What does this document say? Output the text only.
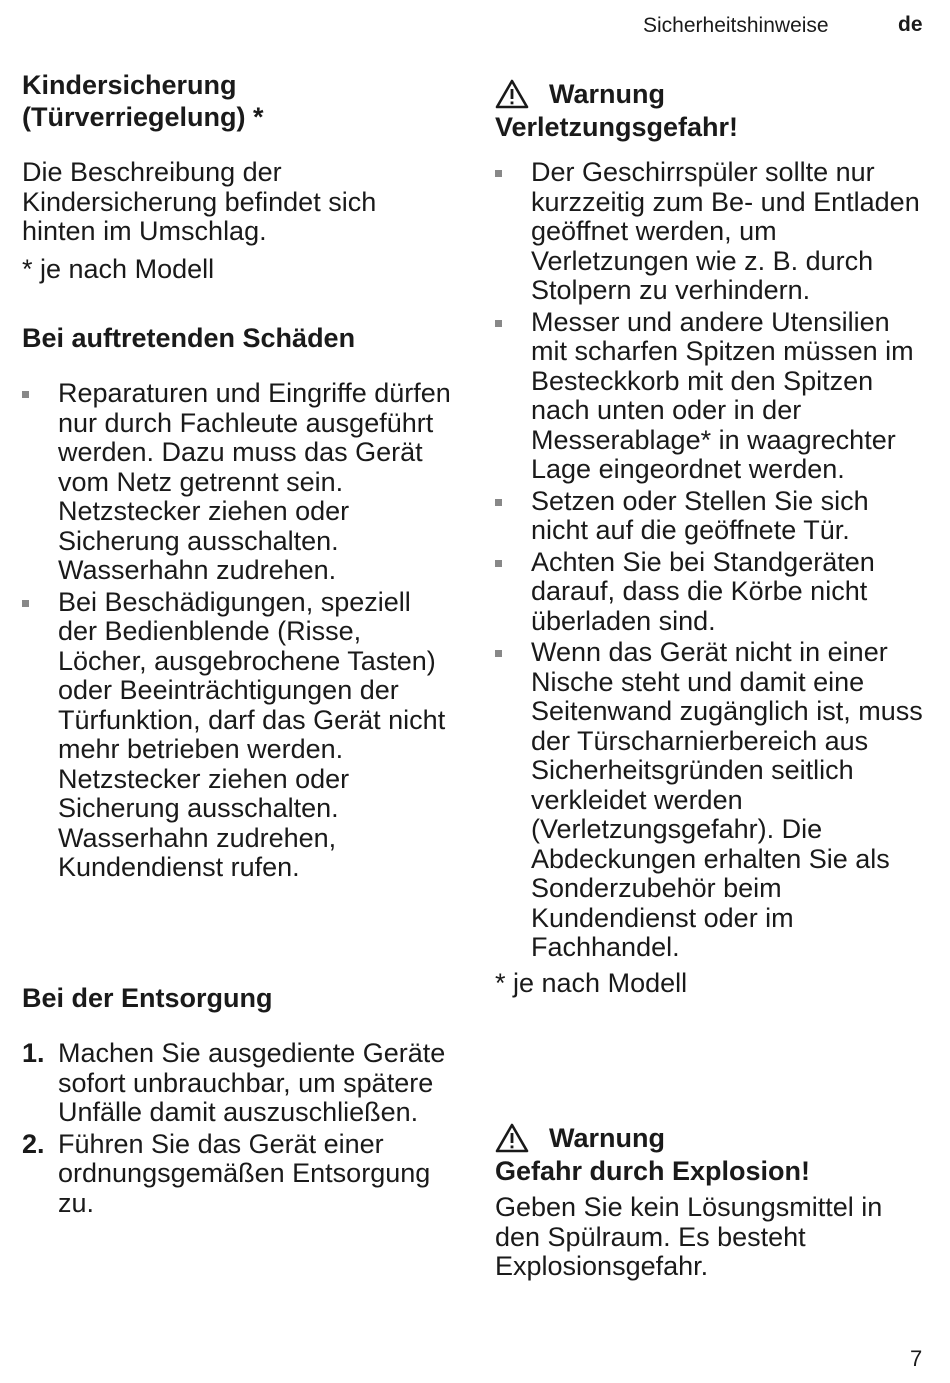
Sicherheitshinweise	de

Kindersicherung

(Türverriegelung) *

Die Beschreibung der Kindersicherung befindet sich hinten im Umschlag.

* je nach Modell

Bei auftretenden Schäden

Reparaturen und Eingriffe dürfen nur durch Fachleute ausgeführt werden. Dazu muss das Gerät vom Netz getrennt sein. Netzstecker ziehen oder Sicherung ausschalten. Wasserhahn zudrehen.
Bei Beschädigungen, speziell der Bedienblende (Risse, Löcher, ausgebrochene Tasten) oder Beeinträchtigungen der Türfunktion, darf das Gerät nicht mehr betrieben werden. Netzstecker ziehen oder Sicherung ausschalten. Wasserhahn zudrehen, Kundendienst rufen.

Bei der Entsorgung

1. Machen Sie ausgediente Geräte sofort unbrauchbar, um spätere Unfälle damit auszuschließen.
2. Führen Sie das Gerät einer ordnungsgemäßen Entsorgung zu.

Warnung

Verletzungsgefahr!

Der Geschirrspüler sollte nur kurzzeitig zum Be- und Entladen geöffnet werden, um Verletzungen wie z. B. durch Stolpern zu verhindern.
Messer und andere Utensilien mit scharfen Spitzen müssen im Besteckkorb mit den Spitzen nach unten oder in der Messerablage* in waagrechter Lage eingeordnet werden.
Setzen oder Stellen Sie sich nicht auf die geöffnete Tür.
Achten Sie bei Standgeräten darauf, dass die Körbe nicht überladen sind.
Wenn das Gerät nicht in einer Nische steht und damit eine Seitenwand zugänglich ist, muss der Türscharnierbereich aus Sicherheitsgründen seitlich verkleidet werden (Verletzungsgefahr). Die Abdeckungen erhalten Sie als Sonderzubehör beim Kundendienst oder im Fachhandel.

* je nach Modell

Warnung

Gefahr durch Explosion!

Geben Sie kein Lösungsmittel in den Spülraum. Es besteht Explosionsgefahr.

7
